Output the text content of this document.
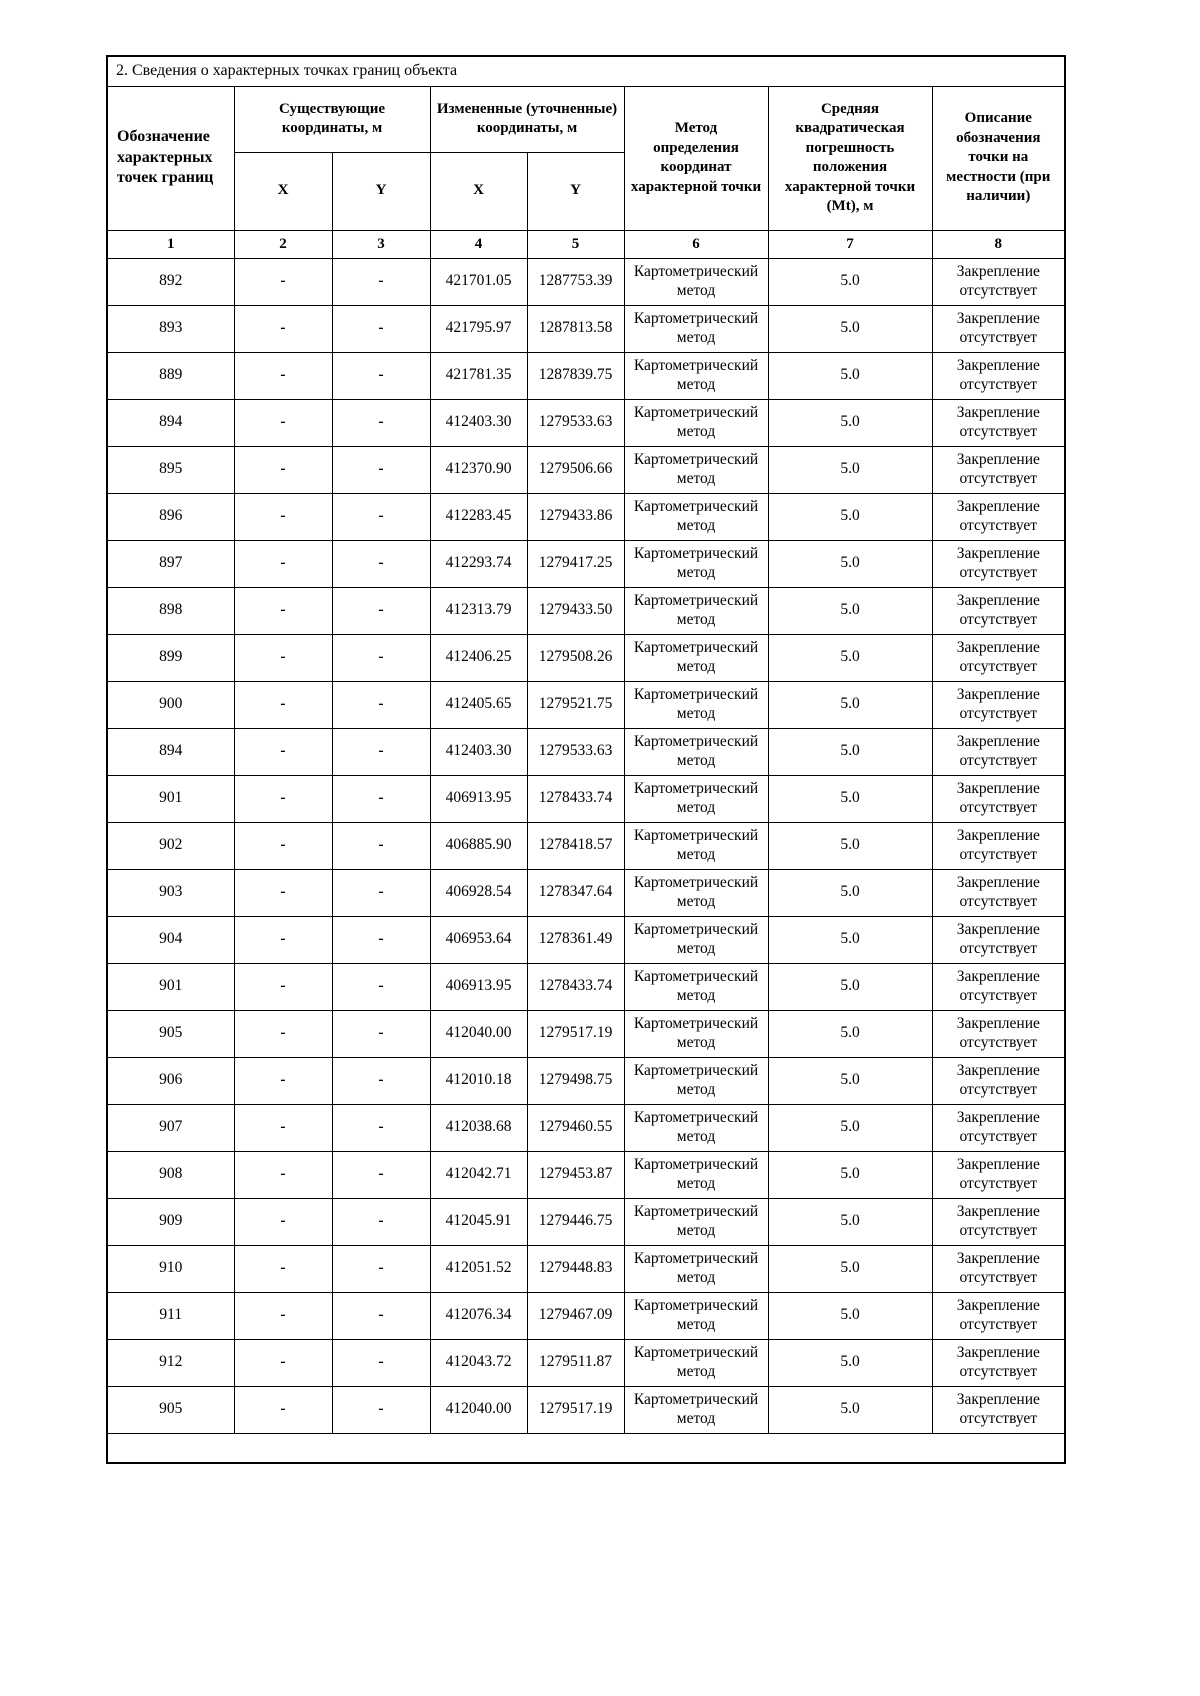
2. Сведения о характерных точках границ объекта							
Обозначение характерных точек границ	Существующие координаты, м		Измененные (уточненные) координаты, м		Метод определения координат характерной точки	Средняя квадратическая погрешность положения характерной точки (Mt), м	Описание обозначения точки на местности (при наличии)
	X	Y	X	Y			
1	2	3	4	5	6	7	8
892	-	-	421701.05	1287753.39	Картометрический метод	5.0	Закрепление отсутствует
893	-	-	421795.97	1287813.58	Картометрический метод	5.0	Закрепление отсутствует
889	-	-	421781.35	1287839.75	Картометрический метод	5.0	Закрепление отсутствует
894	-	-	412403.30	1279533.63	Картометрический метод	5.0	Закрепление отсутствует
895	-	-	412370.90	1279506.66	Картометрический метод	5.0	Закрепление отсутствует
896	-	-	412283.45	1279433.86	Картометрический метод	5.0	Закрепление отсутствует
897	-	-	412293.74	1279417.25	Картометрический метод	5.0	Закрепление отсутствует
898	-	-	412313.79	1279433.50	Картометрический метод	5.0	Закрепление отсутствует
899	-	-	412406.25	1279508.26	Картометрический метод	5.0	Закрепление отсутствует
900	-	-	412405.65	1279521.75	Картометрический метод	5.0	Закрепление отсутствует
894	-	-	412403.30	1279533.63	Картометрический метод	5.0	Закрепление отсутствует
901	-	-	406913.95	1278433.74	Картометрический метод	5.0	Закрепление отсутствует
902	-	-	406885.90	1278418.57	Картометрический метод	5.0	Закрепление отсутствует
903	-	-	406928.54	1278347.64	Картометрический метод	5.0	Закрепление отсутствует
904	-	-	406953.64	1278361.49	Картометрический метод	5.0	Закрепление отсутствует
901	-	-	406913.95	1278433.74	Картометрический метод	5.0	Закрепление отсутствует
905	-	-	412040.00	1279517.19	Картометрический метод	5.0	Закрепление отсутствует
906	-	-	412010.18	1279498.75	Картометрический метод	5.0	Закрепление отсутствует
907	-	-	412038.68	1279460.55	Картометрический метод	5.0	Закрепление отсутствует
908	-	-	412042.71	1279453.87	Картометрический метод	5.0	Закрепление отсутствует
909	-	-	412045.91	1279446.75	Картометрический метод	5.0	Закрепление отсутствует
910	-	-	412051.52	1279448.83	Картометрический метод	5.0	Закрепление отсутствует
911	-	-	412076.34	1279467.09	Картометрический метод	5.0	Закрепление отсутствует
912	-	-	412043.72	1279511.87	Картометрический метод	5.0	Закрепление отсутствует
905	-	-	412040.00	1279517.19	Картометрический метод	5.0	Закрепление отсутствует
